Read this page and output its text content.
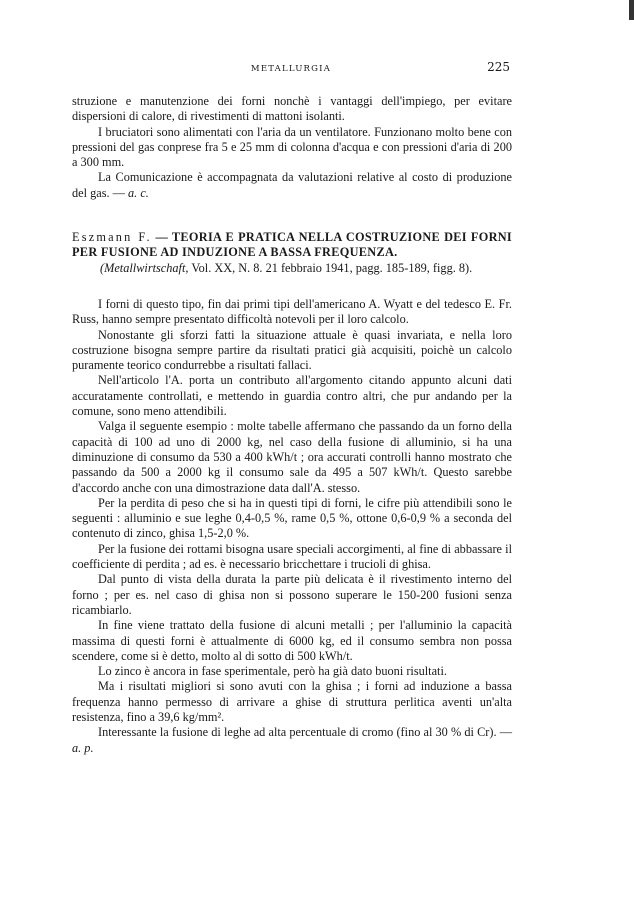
METALLURGIA	225

struzione e manutenzione dei forni nonchè i vantaggi dell'impiego, per evitare dispersioni di calore, di rivestimenti di mattoni isolanti.

I bruciatori sono alimentati con l'aria da un ventilatore. Funzionano molto bene con pressioni del gas conprese fra 5 e 25 mm di colonna d'acqua e con pressioni d'aria di 200 a 300 mm.

La Comunicazione è accompagnata da valutazioni relative al costo di produzione del gas. — a. c.

Eszmann F. — TEORIA E PRATICA NELLA COSTRUZIONE DEI FORNI PER FUSIONE AD INDUZIONE A BASSA FREQUENZA.

(Metallwirtschaft, Vol. XX, N. 8. 21 febbraio 1941, pagg. 185-189, figg. 8).

I forni di questo tipo, fin dai primi tipi dell'americano A. Wyatt e del tedesco E. Fr. Russ, hanno sempre presentato difficoltà notevoli per il loro calcolo.

Nonostante gli sforzi fatti la situazione attuale è quasi invariata, e nella loro costruzione bisogna sempre partire da risultati pratici già acquisiti, poichè un calcolo puramente teorico condurrebbe a risultati fallaci.

Nell'articolo l'A. porta un contributo all'argomento citando appunto alcuni dati accuratamente controllati, e mettendo in guardia contro altri, che pur andando per la comune, sono meno attendibili.

Valga il seguente esempio : molte tabelle affermano che passando da un forno della capacità di 100 ad uno di 2000 kg, nel caso della fusione di alluminio, si ha una diminuzione di consumo da 530 a 400 kWh/t ; ora accurati controlli hanno mostrato che passando da 500 a 2000 kg il consumo sale da 495 a 507 kWh/t. Questo sarebbe d'accordo anche con una dimostrazione data dall'A. stesso.

Per la perdita di peso che si ha in questi tipi di forni, le cifre più attendibili sono le seguenti : alluminio e sue leghe 0,4-0,5 %, rame 0,5 %, ottone 0,6-0,9 % a seconda del contenuto di zinco, ghisa 1,5-2,0 %.

Per la fusione dei rottami bisogna usare speciali accorgimenti, al fine di abbassare il coefficiente di perdita ; ad es. è necessario bricchettare i trucioli di ghisa.

Dal punto di vista della durata la parte più delicata è il rivestimento interno del forno ; per es. nel caso di ghisa non si possono superare le 150-200 fusioni senza ricambiarlo.

In fine viene trattato della fusione di alcuni metalli ; per l'alluminio la capacità massima di questi forni è attualmente di 6000 kg, ed il consumo sembra non possa scendere, come si è detto, molto al di sotto di 500 kWh/t.

Lo zinco è ancora in fase sperimentale, però ha già dato buoni risultati.

Ma i risultati migliori si sono avuti con la ghisa ; i forni ad induzione a bassa frequenza hanno permesso di arrivare a ghise di struttura perlitica aventi un'alta resistenza, fino a 39,6 kg/mm².

Interessante la fusione di leghe ad alta percentuale di cromo (fino al 30 % di Cr). — a. p.
